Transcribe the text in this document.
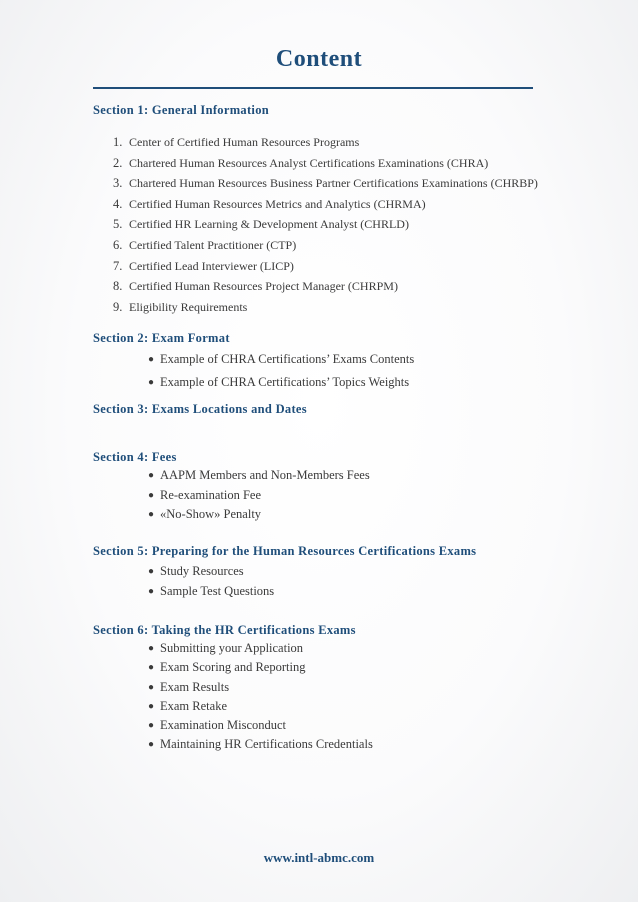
Content
Section 1: General Information
1. Center of Certified Human Resources Programs
2. Chartered Human Resources Analyst Certifications Examinations (CHRA)
3. Chartered Human Resources Business Partner Certifications Examinations (CHRBP)
4. Certified Human Resources Metrics and Analytics (CHRMA)
5. Certified HR Learning & Development Analyst (CHRLD)
6. Certified Talent Practitioner (CTP)
7. Certified Lead Interviewer (LICP)
8. Certified Human Resources Project Manager (CHRPM)
9. Eligibility Requirements
Section 2: Exam Format
● Example of CHRA Certifications’ Exams Contents
● Example of CHRA Certifications’ Topics Weights
Section 3: Exams Locations and Dates
Section 4: Fees
● AAPM Members and Non-Members Fees
● Re-examination Fee
● «No-Show» Penalty
Section 5: Preparing for the Human Resources Certifications Exams
● Study Resources
● Sample Test Questions
Section 6: Taking the HR Certifications Exams
● Submitting your Application
● Exam Scoring and Reporting
● Exam Results
● Exam Retake
● Examination Misconduct
● Maintaining HR Certifications Credentials
www.intl-abmc.com
